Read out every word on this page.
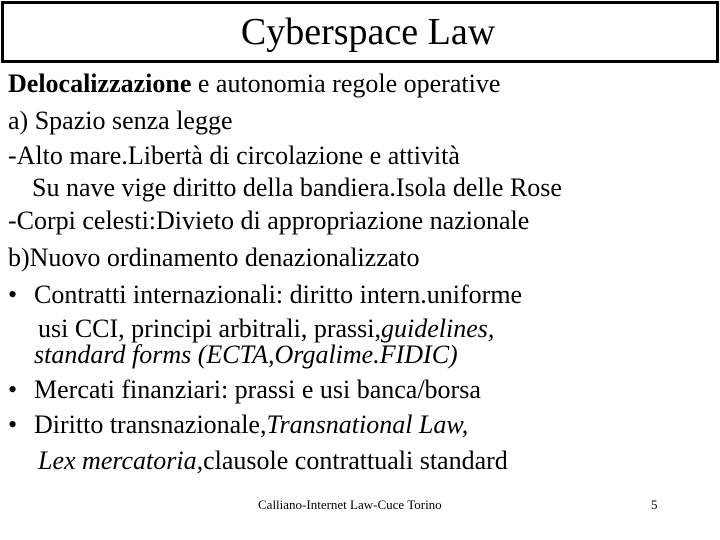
Cyberspace Law
Delocalizzazione e autonomia regole operative
a) Spazio senza legge
-Alto mare.Libertà di circolazione e attività
Su nave vige diritto della bandiera.Isola delle Rose
-Corpi celesti:Divieto di appropriazione nazionale
b)Nuovo ordinamento denazionalizzato
• Contratti internazionali: diritto intern.uniforme
usi CCI, principi arbitrali, prassi,guidelines,
standard forms (ECTA,Orgalime.FIDIC)
• Mercati finanziari: prassi e usi banca/borsa
• Diritto transnazionale,Transnational Law,
Lex mercatoria,clausole contrattuali standard
Calliano-Internet Law-Cuce Torino	5
